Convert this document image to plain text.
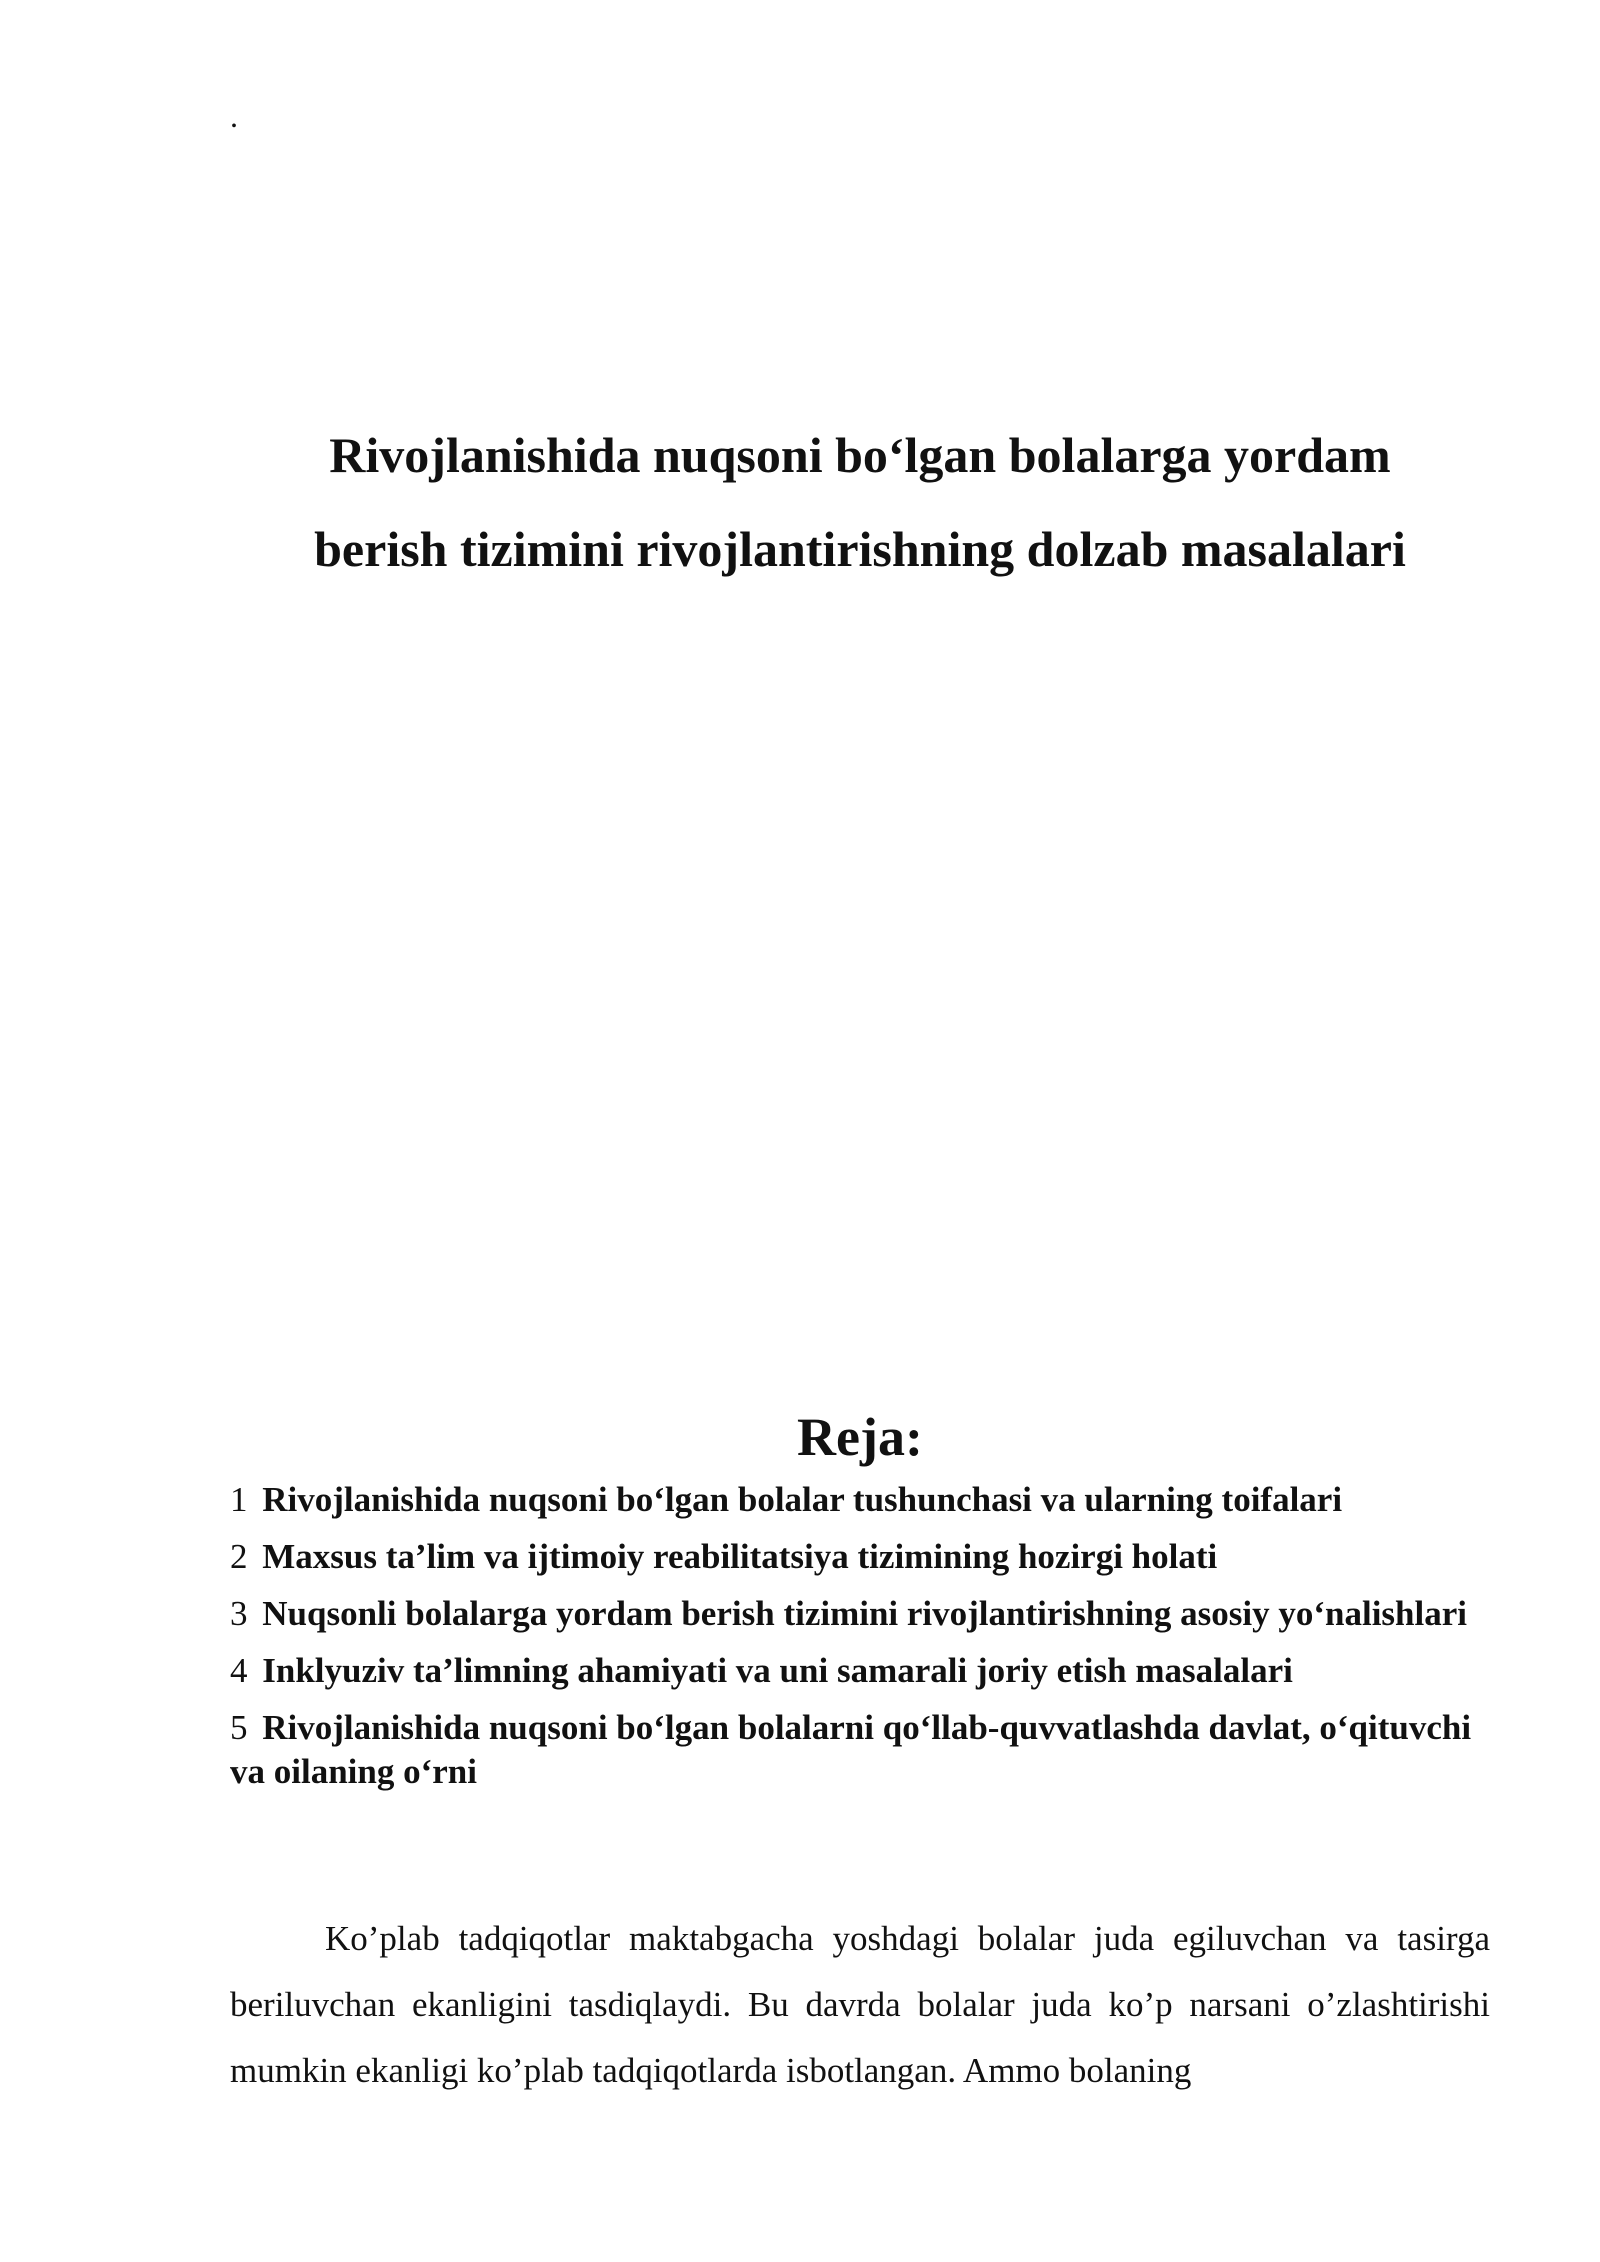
.
Rivojlanishida nuqsoni bo‘lgan bolalarga yordam
berish tizimini rivojlantirishning dolzab masalalari
Reja:
1 Rivojlanishida nuqsoni bo‘lgan bolalar tushunchasi va ularning toifalari
2 Maxsus ta’lim va ijtimoiy reabilitatsiya tizimining hozirgi holati
3 Nuqsonli bolalarga yordam berish tizimini rivojlantirishning asosiy yo‘nalishlari
4 Inklyuziv ta’limning ahamiyati va uni samarali joriy etish masalalari
5 Rivojlanishida nuqsoni bo‘lgan bolalarni qo‘llab-quvvatlashda davlat, o‘qituvchi va oilaning o‘rni

Ko’plab tadqiqotlar maktabgacha yoshdagi bolalar juda egiluvchan va tasirga beriluvchan ekanligini tasdiqlaydi. Bu davrda bolalar juda ko’p narsani o’zlashtirishi mumkin ekanligi ko’plab tadqiqotlarda isbotlangan. Ammo bolaning
